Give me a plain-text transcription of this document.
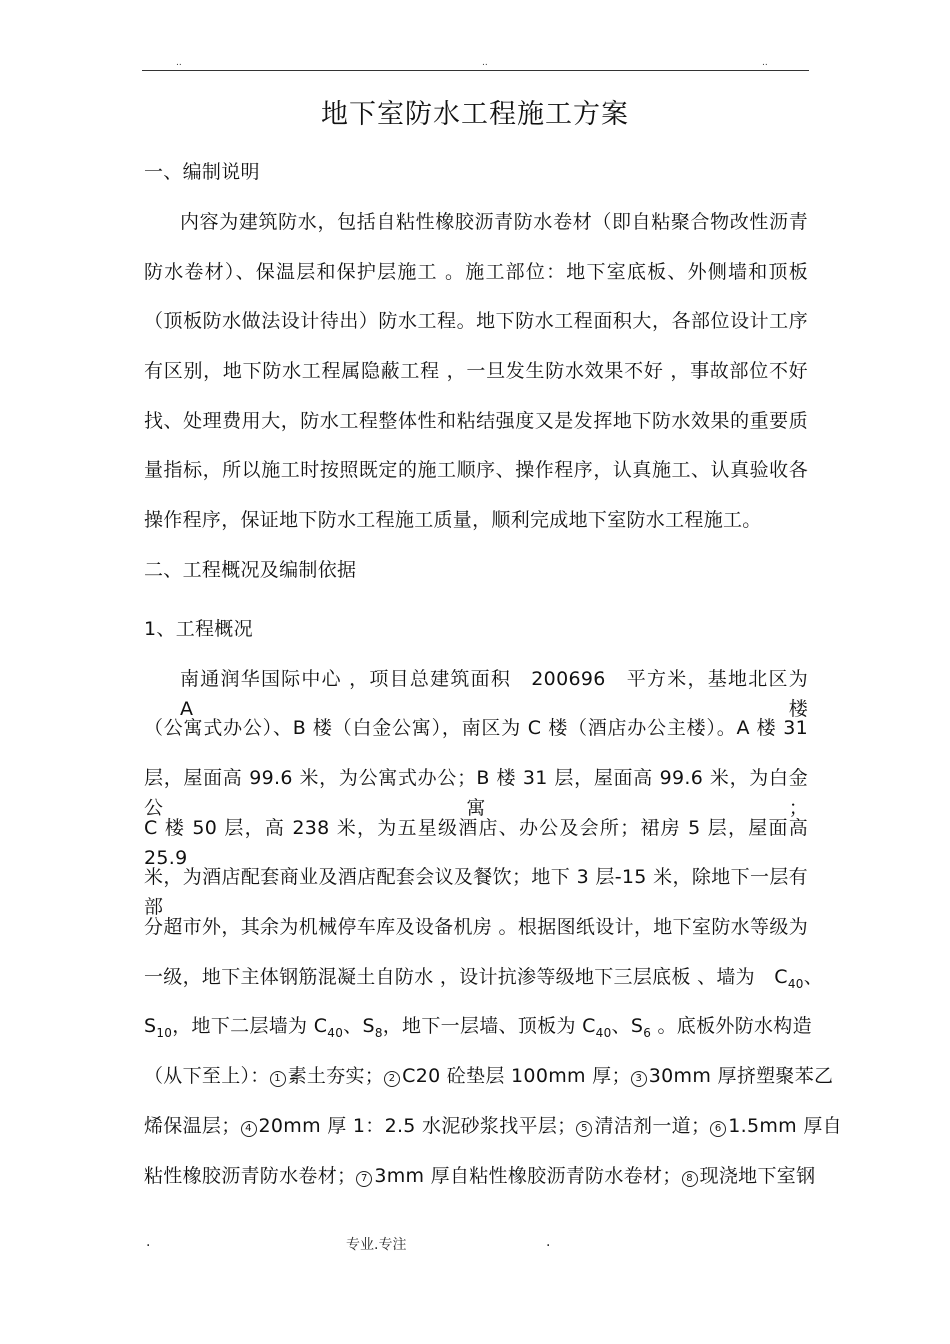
..	..	..
地下室防水工程施工方案
一、编制说明
内容为建筑防水，包括自粘性橡胶沥青防水卷材（即自粘聚合物改性沥青
防水卷材）、保温层和保护层施工 。施工部位：地下室底板、外侧墙和顶板
（顶板防水做法设计待出）防水工程。地下防水工程面积大，各部位设计工序
有区别，地下防水工程属隐蔽工程 ，一旦发生防水效果不好 ，事故部位不好
找、处理费用大，防水工程整体性和粘结强度又是发挥地下防水效果的重要质
量指标，所以施工时按照既定的施工顺序、操作程序，认真施工、认真验收各
操作程序，保证地下防水工程施工质量，顺利完成地下室防水工程施工。
二、工程概况及编制依据
1、工程概况
南通润华国际中心 ，项目总建筑面积　200696　平方米，基地北区为　A　楼
（公寓式办公）、B 楼（白金公寓），南区为 C 楼（酒店办公主楼）。A 楼 31
层，屋面高 99.6 米，为公寓式办公；B 楼 31 层，屋面高 99.6 米，为白金公寓；
C 楼 50 层，高 238 米，为五星级酒店、办公及会所；裙房 5 层，屋面高 25.9
米，为酒店配套商业及酒店配套会议及餐饮；地下 3 层-15 米，除地下一层有部
分超市外，其余为机械停车库及设备机房 。根据图纸设计，地下室防水等级为
一级，地下主体钢筋混凝土自防水 ，设计抗渗等级地下三层底板 、墙为　$C_{40}$、
$S_{10}$，地下二层墙为 $C_{40}$、$S_8$，地下一层墙、顶板为 $C_{40}$、$S_6$ 。底板外防水构造
（从下至上）： 1 素土夯实； 2 C20 砼垫层 100mm 厚； 3 30mm 厚挤塑聚苯乙
烯保温层； 4 20mm 厚 1：2.5 水泥砂浆找平层； 5 清洁剂一道； 6 1.5mm 厚自
粘性橡胶沥青防水卷材； 7 3mm 厚自粘性橡胶沥青防水卷材； 8 现浇地下室钢
.	专业.专注	.
